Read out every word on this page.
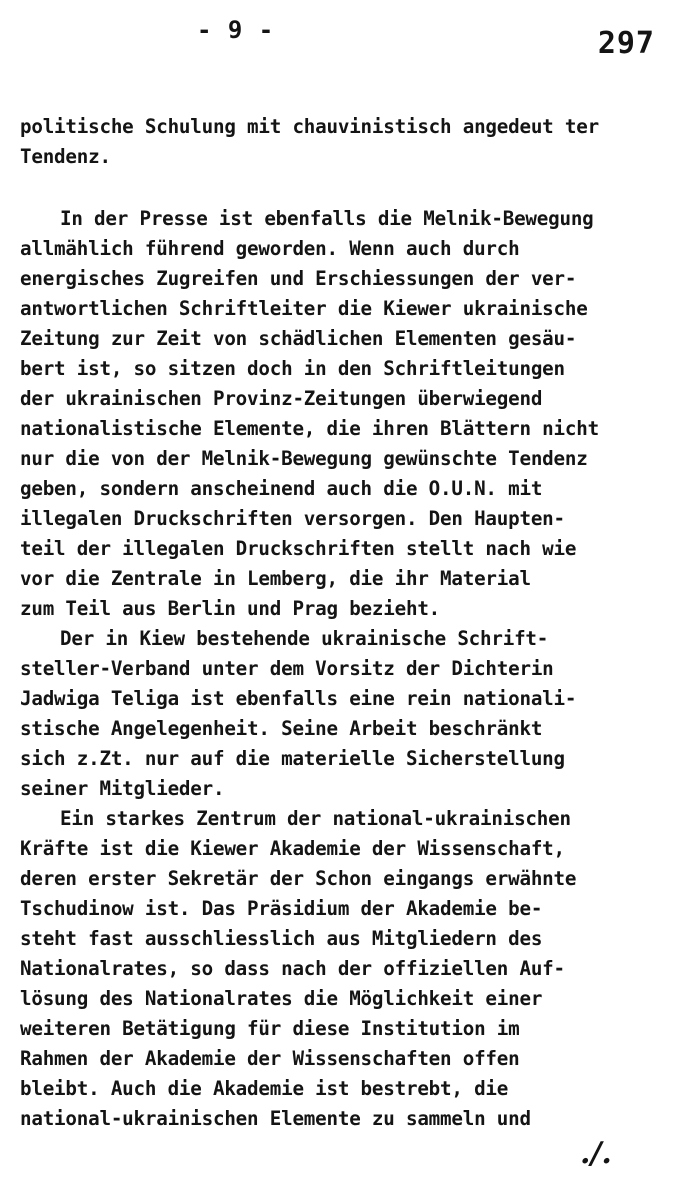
- 9 -	297
politische Schulung mit chauvinistisch angedeut ter
Tendenz.
In der Presse ist ebenfalls die Melnik-Bewegung
allmählich führend geworden. Wenn auch durch
energisches Zugreifen und Erschiessungen der ver-
antwortlichen Schriftleiter die Kiewer ukrainische
Zeitung zur Zeit von schädlichen Elementen gesäu-
bert ist, so sitzen doch in den Schriftleitungen
der ukrainischen Provinz-Zeitungen überwiegend
nationalistische Elemente, die ihren Blättern nicht
nur die von der Melnik-Bewegung gewünschte Tendenz
geben, sondern anscheinend auch die O.U.N. mit
illegalen Druckschriften versorgen. Den Haupten-
teil der illegalen Druckschriften stellt nach wie
vor die Zentrale in Lemberg, die ihr Material
zum Teil aus Berlin und Prag bezieht.
Der in Kiew bestehende ukrainische Schrift-
steller-Verband unter dem Vorsitz der Dichterin
Jadwiga Teliga ist ebenfalls eine rein nationali-
stische Angelegenheit. Seine Arbeit beschränkt
sich z.Zt. nur auf die materielle Sicherstellung
seiner Mitglieder.
Ein starkes Zentrum der national-ukrainischen
Kräfte ist die Kiewer Akademie der Wissenschaft,
deren erster Sekretär der Schon eingangs erwähnte
Tschudinow ist. Das Präsidium der Akademie be-
steht fast ausschliesslich aus Mitgliedern des
Nationalrates, so dass nach der offiziellen Auf-
lösung des Nationalrates die Möglichkeit einer
weiteren Betätigung für diese Institution im
Rahmen der Akademie der Wissenschaften offen
bleibt. Auch die Akademie ist bestrebt, die
national-ukrainischen Elemente zu sammeln und
./.
